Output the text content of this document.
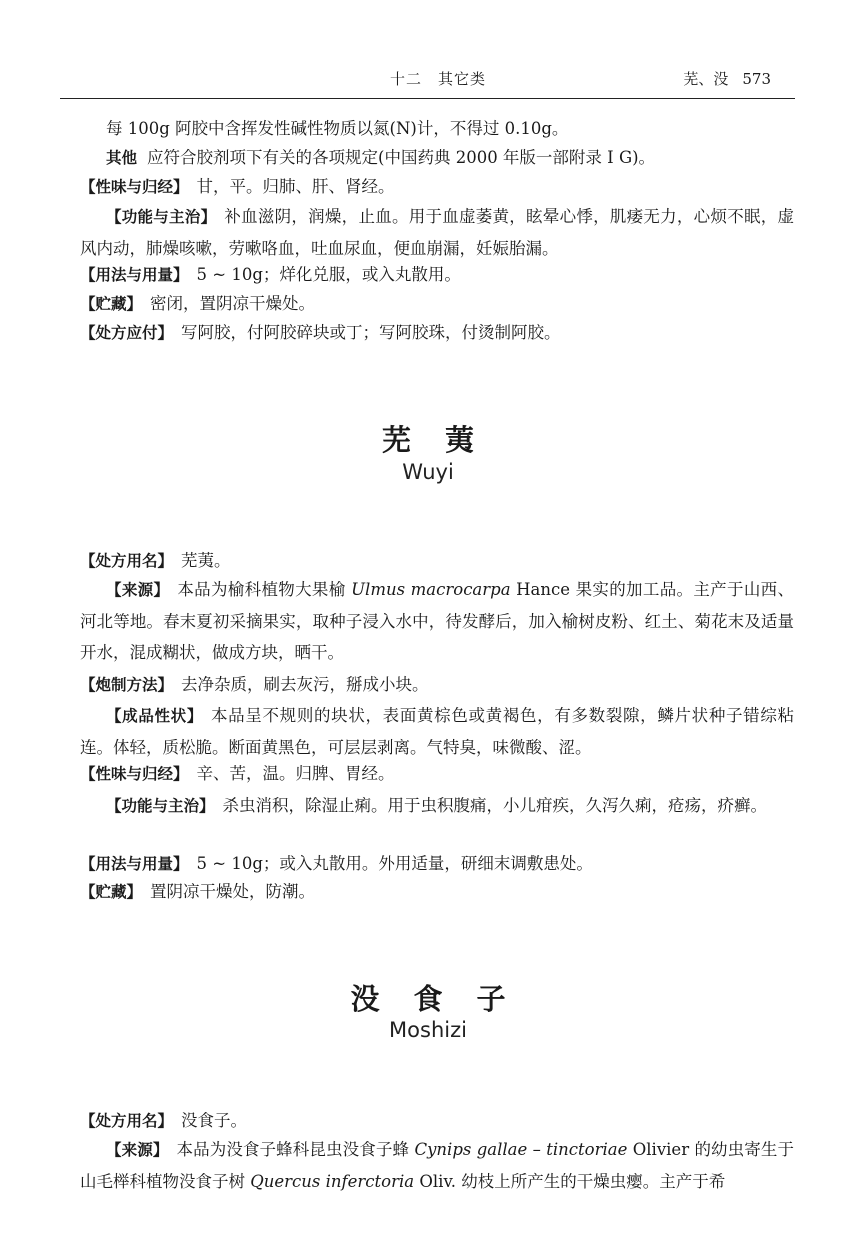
十二　其它类	芜、没 573
每 100g 阿胶中含挥发性碱性物质以氮(N)计，不得过 0.10g。
其他 应符合胶剂项下有关的各项规定(中国药典 2000 年版一部附录 I G)。
【性味与归经】 甘，平。归肺、肝、肾经。
【功能与主治】 补血滋阴，润燥，止血。用于血虚萎黄，眩晕心悸，肌痿无力，心烦不眠，虚风内动，肺燥咳嗽，劳嗽咯血，吐血尿血，便血崩漏，妊娠胎漏。
【用法与用量】 5 ~ 10g；烊化兑服，或入丸散用。
【贮藏】 密闭，置阴凉干燥处。
【处方应付】 写阿胶，付阿胶碎块或丁；写阿胶珠，付烫制阿胶。
芜荑
Wuyi
【处方用名】 芜荑。
【来源】 本品为榆科植物大果榆 Ulmus macrocarpa Hance 果实的加工品。主产于山西、河北等地。春末夏初采摘果实，取种子浸入水中，待发酵后，加入榆树皮粉、红土、菊花末及适量开水，混成糊状，做成方块，晒干。
【炮制方法】 去净杂质，刷去灰污，掰成小块。
【成品性状】 本品呈不规则的块状，表面黄棕色或黄褐色，有多数裂隙，鳞片状种子错综粘连。体轻，质松脆。断面黄黑色，可层层剥离。气特臭，味微酸、涩。
【性味与归经】 辛、苦，温。归脾、胃经。
【功能与主治】 杀虫消积，除湿止痢。用于虫积腹痛，小儿疳疾，久泻久痢，疮疡，疥癣。
【用法与用量】 5 ~ 10g；或入丸散用。外用适量，研细末调敷患处。
【贮藏】 置阴凉干燥处，防潮。
没食子
Moshizi
【处方用名】 没食子。
【来源】 本品为没食子蜂科昆虫没食子蜂 Cynips gallae – tinctoriae Olivier 的幼虫寄生于山毛榉科植物没食子树 Quercus inferctoria Oliv. 幼枝上所产生的干燥虫瘿。主产于希
